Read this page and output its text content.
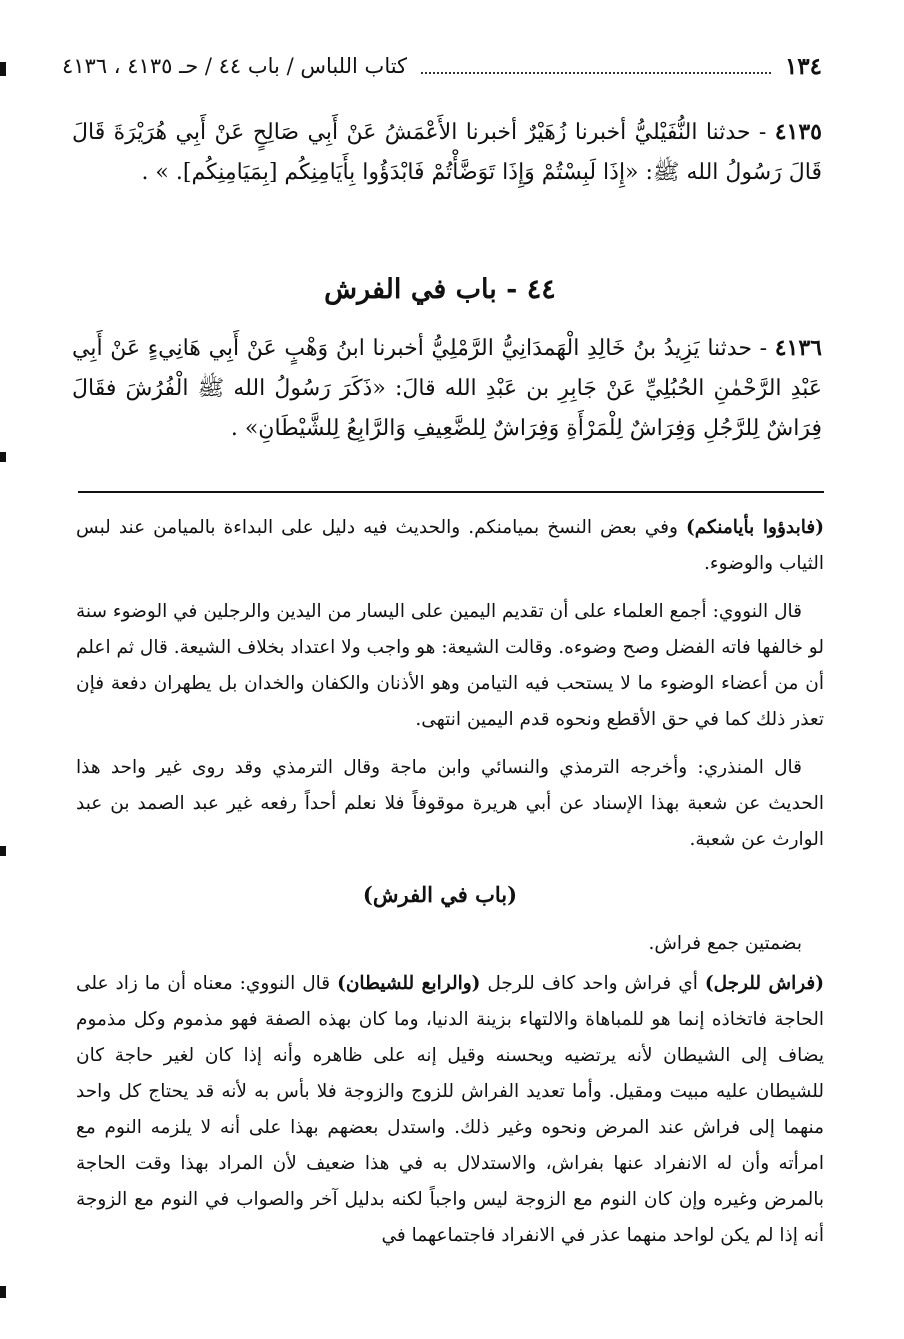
١٣٤
كتاب اللباس / باب ٤٤ / حـ ٤١٣٥ ، ٤١٣٦
٤١٣٥ - حدثنا النُّفَيْليُّ أخبرنا زُهَيْرٌ أخبرنا الأَعْمَشُ عَنْ أَبِي صَالِحٍ عَنْ أَبِي هُرَيْرَةَ قَالَ قَالَ رَسُولُ الله ﷺ: «إِذَا لَبِسْتُمْ وَإِذَا تَوَضَّأْتُمْ فَابْدَؤُوا بِأَيَامِنِكُم [بِمَيَامِنِكُم]. » .
٤٤ - باب في الفرش
٤١٣٦ - حدثنا يَزِيدُ بنُ خَالِدِ الْهَمدَانِيُّ الرَّمْلِيُّ أخبرنا ابنُ وَهْبٍ عَنْ أَبِي هَانِيءٍ عَنْ أَبِي عَبْدِ الرَّحْمٰنِ الحُبُلِيِّ عَنْ جَابِرِ بن عَبْدِ الله قالَ: «ذَكَرَ رَسُولُ الله ﷺ الْفُرُشَ فقَالَ فِرَاشٌ لِلرَّجُلِ وَفِرَاشٌ لِلْمَرْأَةِ وَفِرَاشٌ لِلضَّعِيفِ وَالرَّابِعُ لِلشَّيْطَانِ» .

(فابدؤوا بأيامنكم) وفي بعض النسخ بميامنكم. والحديث فيه دليل على البداءة بالميامن عند لبس الثياب والوضوء.

قال النووي: أجمع العلماء على أن تقديم اليمين على اليسار من اليدين والرجلين في الوضوء سنة لو خالفها فاته الفضل وصح وضوءه. وقالت الشيعة: هو واجب ولا اعتداد بخلاف الشيعة. قال ثم اعلم أن من أعضاء الوضوء ما لا يستحب فيه التيامن وهو الأذنان والكفان والخدان بل يطهران دفعة فإن تعذر ذلك كما في حق الأقطع ونحوه قدم اليمين انتهى.

قال المنذري: وأخرجه الترمذي والنسائي وابن ماجة وقال الترمذي وقد روى غير واحد هذا الحديث عن شعبة بهذا الإسناد عن أبي هريرة موقوفاً فلا نعلم أحداً رفعه غير عبد الصمد بن عبد الوارث عن شعبة.

(باب في الفرش)

بضمتين جمع فراش.

(فراش للرجل) أي فراش واحد كاف للرجل (والرابع للشيطان) قال النووي: معناه أن ما زاد على الحاجة فاتخاذه إنما هو للمباهاة والالتهاء بزينة الدنيا، وما كان بهذه الصفة فهو مذموم وكل مذموم يضاف إلى الشيطان لأنه يرتضيه ويحسنه وقيل إنه على ظاهره وأنه إذا كان لغير حاجة كان للشيطان عليه مبيت ومقيل. وأما تعديد الفراش للزوج والزوجة فلا بأس به لأنه قد يحتاج كل واحد منهما إلى فراش عند المرض ونحوه وغير ذلك. واستدل بعضهم بهذا على أنه لا يلزمه النوم مع امرأته وأن له الانفراد عنها بفراش، والاستدلال به في هذا ضعيف لأن المراد بهذا وقت الحاجة بالمرض وغيره وإن كان النوم مع الزوجة ليس واجباً لكنه بدليل آخر والصواب في النوم مع الزوجة أنه إذا لم يكن لواحد منهما عذر في الانفراد فاجتماعهما في
